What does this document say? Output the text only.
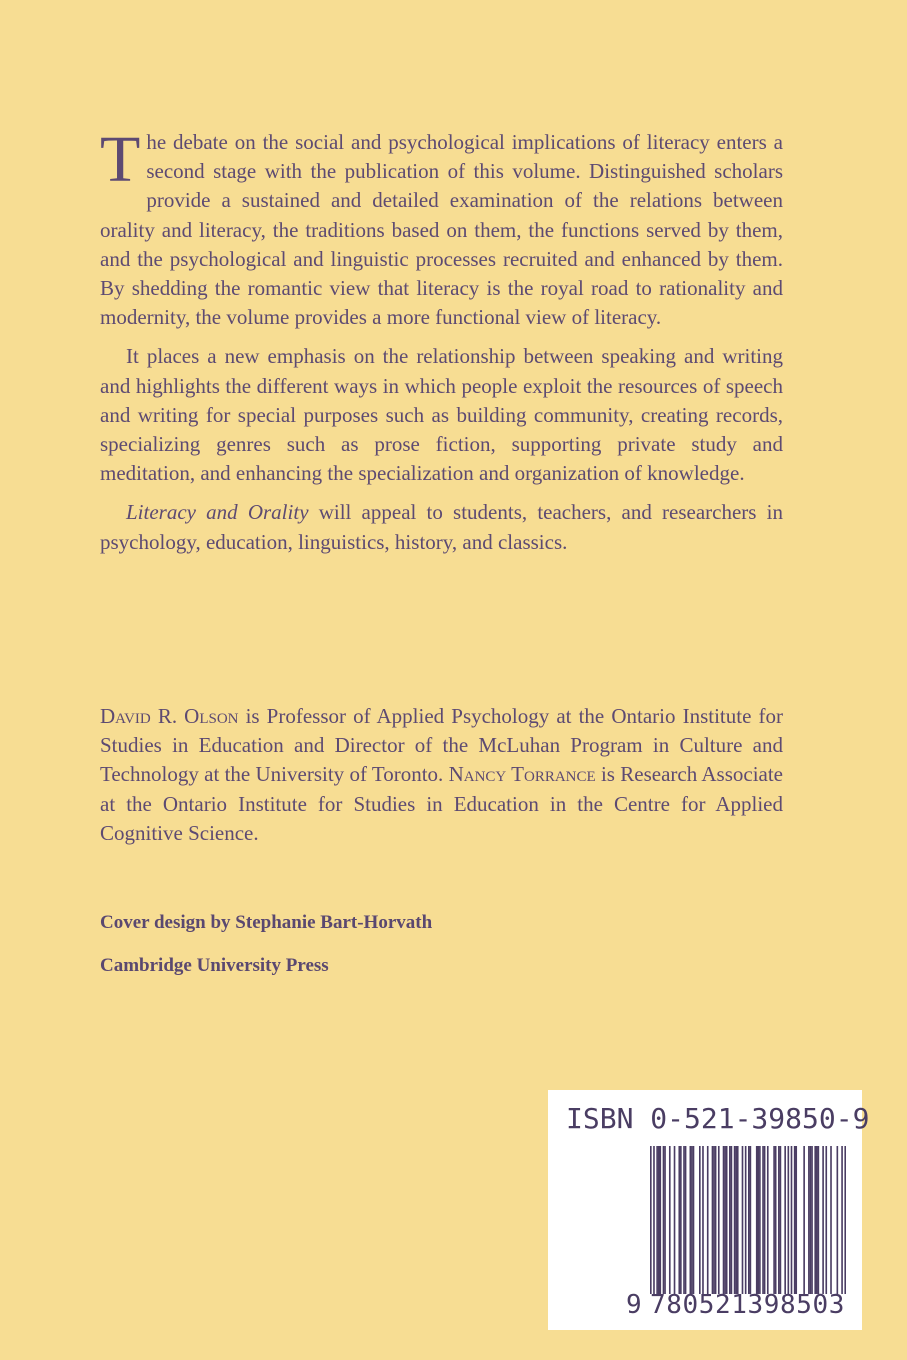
The debate on the social and psychological implications of literacy enters a second stage with the publication of this volume. Distinguished scholars provide a sustained and detailed examination of the relations between orality and literacy, the traditions based on them, the functions served by them, and the psychological and linguistic processes recruited and enhanced by them. By shedding the romantic view that literacy is the royal road to rationality and modernity, the volume provides a more functional view of literacy.

It places a new emphasis on the relationship between speaking and writing and highlights the different ways in which people exploit the resources of speech and writing for special purposes such as building community, creating records, specializing genres such as prose fiction, supporting private study and meditation, and enhancing the specialization and organization of knowledge.

Literacy and Orality will appeal to students, teachers, and researchers in psychology, education, linguistics, history, and classics.

David R. Olson is Professor of Applied Psychology at the Ontario Institute for Studies in Education and Director of the McLuhan Program in Culture and Technology at the University of Toronto. Nancy Torrance is Research Associate at the Ontario Institute for Studies in Education in the Centre for Applied Cognitive Science.

Cover design by Stephanie Bart-Horvath
Cambridge University Press
ISBN 0-521-39850-9
9 780521398503
